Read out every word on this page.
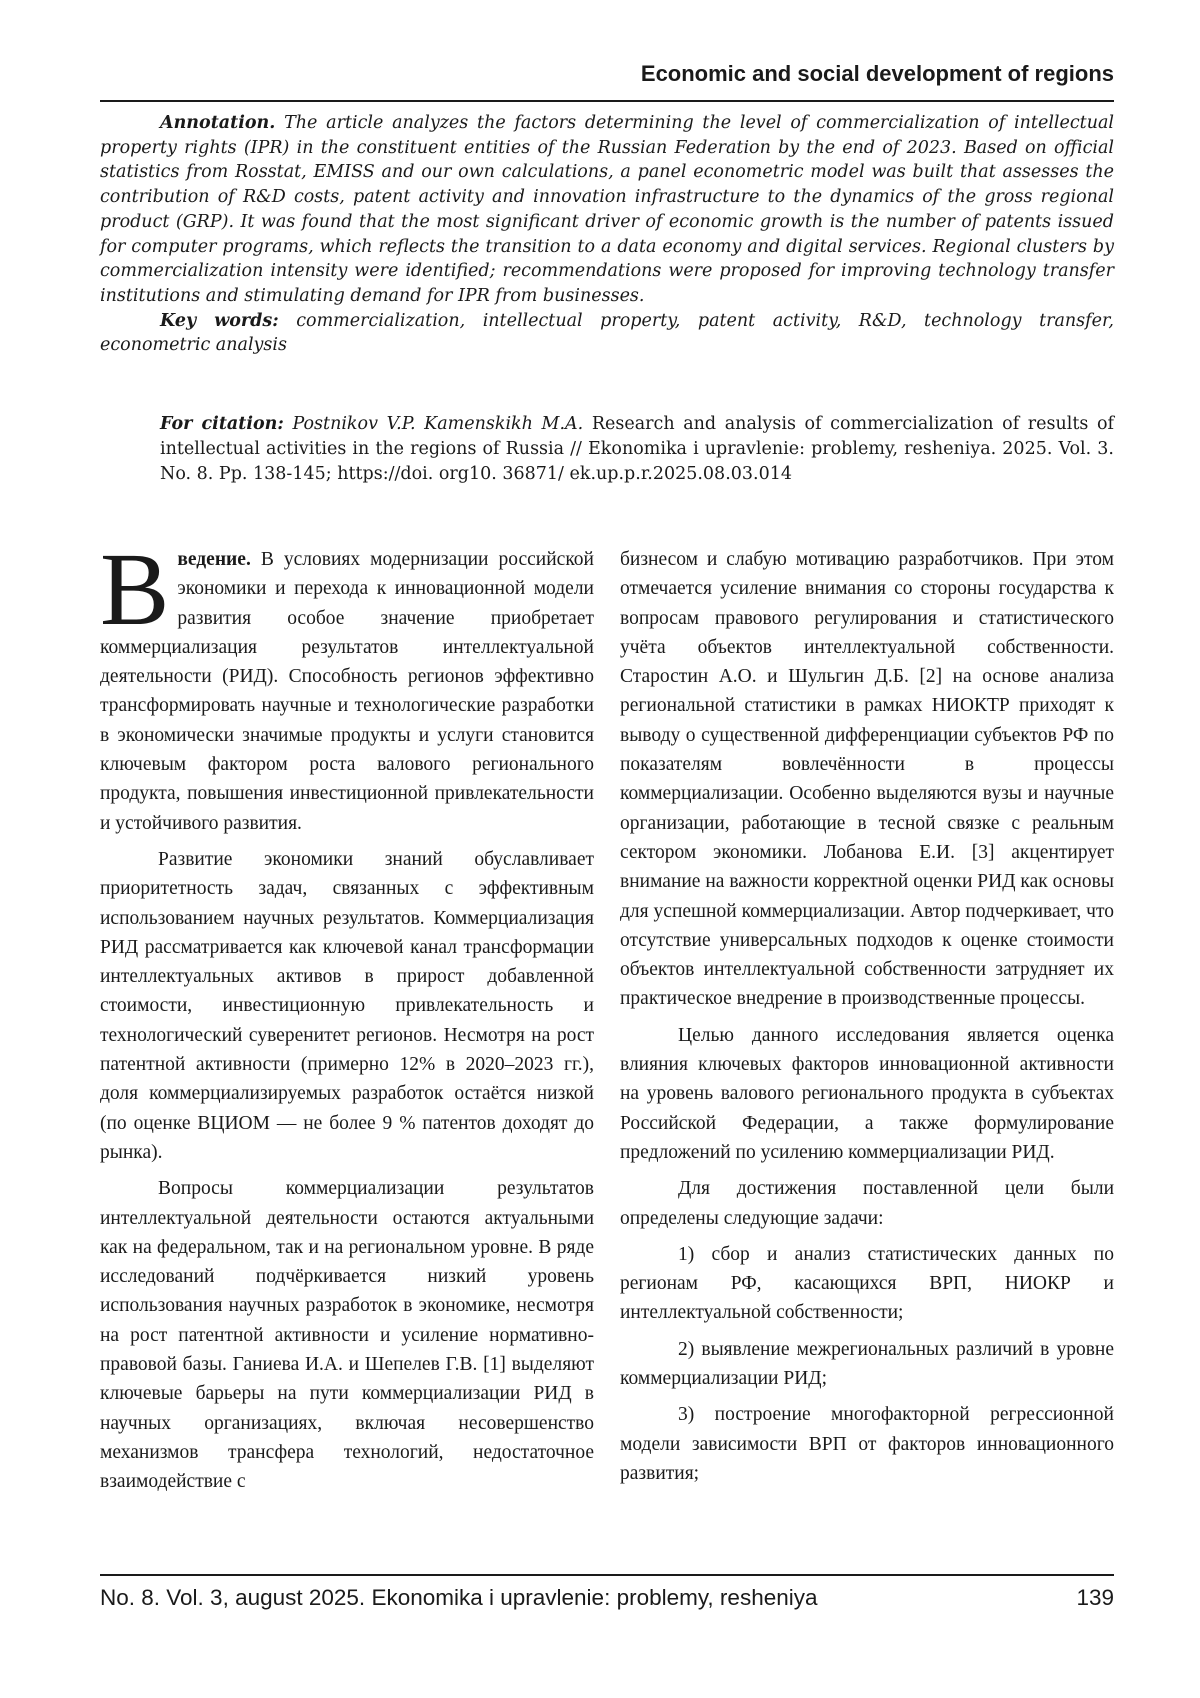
Economic and social development of regions

Annotation. The article analyzes the factors determining the level of commercialization of intellectual property rights (IPR) in the constituent entities of the Russian Federation by the end of 2023. Based on official statistics from Rosstat, EMISS and our own calculations, a panel econometric model was built that assesses the contribution of R&D costs, patent activity and innovation infrastructure to the dynamics of the gross regional product (GRP). It was found that the most significant driver of economic growth is the number of patents issued for computer programs, which reflects the transition to a data economy and digital services. Regional clusters by commercialization intensity were identified; recommendations were proposed for improving technology transfer institutions and stimulating demand for IPR from businesses.

Key words: commercialization, intellectual property, patent activity, R&D, technology transfer, econometric analysis

For citation: Postnikov V.P. Kamenskikh M.A. Research and analysis of commercialization of results of intellectual activities in the regions of Russia // Ekonomika i upravlenie: problemy, resheniya. 2025. Vol. 3. No. 8. Pp. 138-145; https://doi. org10. 36871/ ek.up.p.r.2025.08.03.014

Введение. В условиях модернизации российской экономики и перехода к инновационной модели развития особое значение приобретает коммерциализация результатов интеллектуальной деятельности (РИД). Способность регионов эффективно трансформировать научные и технологические разработки в экономически значимые продукты и услуги становится ключевым фактором роста валового регионального продукта, повышения инвестиционной привлекательности и устойчивого развития.

Развитие экономики знаний обуславливает приоритетность задач, связанных с эффективным использованием научных результатов. Коммерциализация РИД рассматривается как ключевой канал трансформации интеллектуальных активов в прирост добавленной стоимости, инвестиционную привлекательность и технологический суверенитет регионов. Несмотря на рост патентной активности (примерно 12% в 2020–2023 гг.), доля коммерциализируемых разработок остаётся низкой (по оценке ВЦИОМ — не более 9 % патентов доходят до рынка).

Вопросы коммерциализации результатов интеллектуальной деятельности остаются актуальными как на федеральном, так и на региональном уровне. В ряде исследований подчёркивается низкий уровень использования научных разработок в экономике, несмотря на рост патентной активности и усиление нормативно-правовой базы. Ганиева И.А. и Шепелев Г.В. [1] выделяют ключевые барьеры на пути коммерциализации РИД в научных организациях, включая несовершенство механизмов трансфера технологий, недостаточное взаимодействие с

бизнесом и слабую мотивацию разработчиков. При этом отмечается усиление внимания со стороны государства к вопросам правового регулирования и статистического учёта объектов интеллектуальной собственности. Старостин А.О. и Шульгин Д.Б. [2] на основе анализа региональной статистики в рамках НИОКТР приходят к выводу о существенной дифференциации субъектов РФ по показателям вовлечённости в процессы коммерциализации. Особенно выделяются вузы и научные организации, работающие в тесной связке с реальным сектором экономики. Лобанова Е.И. [3] акцентирует внимание на важности корректной оценки РИД как основы для успешной коммерциализации. Автор подчеркивает, что отсутствие универсальных подходов к оценке стоимости объектов интеллектуальной собственности затрудняет их практическое внедрение в производственные процессы.

Целью данного исследования является оценка влияния ключевых факторов инновационной активности на уровень валового регионального продукта в субъектах Российской Федерации, а также формулирование предложений по усилению коммерциализации РИД.

Для достижения поставленной цели были определены следующие задачи:

1) сбор и анализ статистических данных по регионам РФ, касающихся ВРП, НИОКР и интеллектуальной собственности;

2) выявление межрегиональных различий в уровне коммерциализации РИД;

3) построение многофакторной регрессионной модели зависимости ВРП от факторов инновационного развития;

No. 8. Vol. 3, august 2025. Ekonomika i upravlenie: problemy, resheniya	139
